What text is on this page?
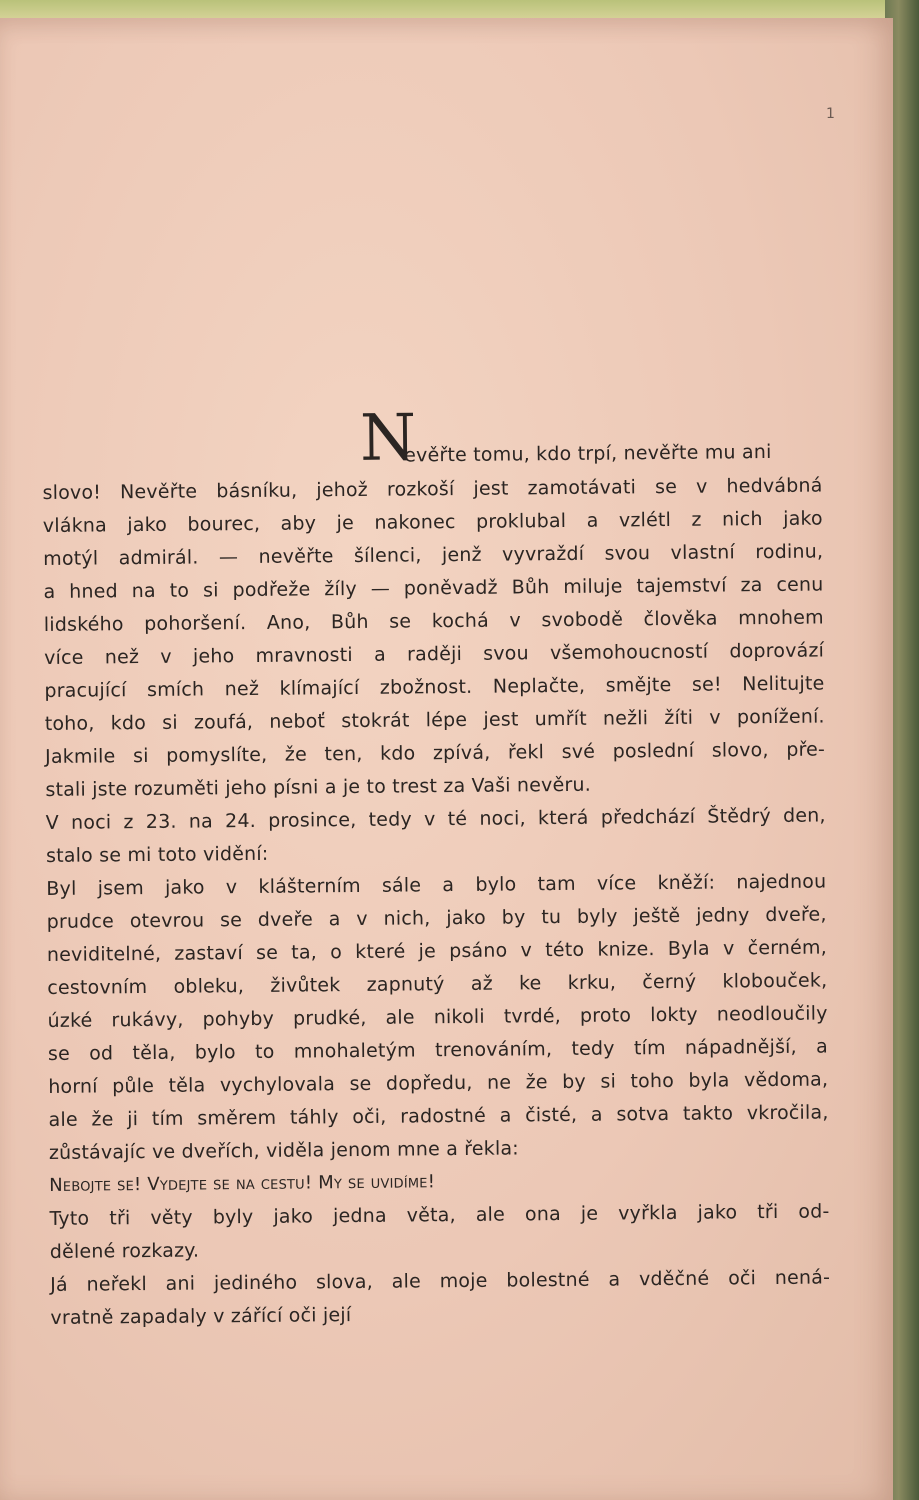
1
N
evěřte tomu, kdo trpí, nevěřte mu ani
slovo! Nevěřte básníku, jehož rozkoší jest zamotávati se v hedvábná
vlákna jako bourec, aby je nakonec proklubal a vzlétl z nich jako
motýl admirál. — nevěřte šílenci, jenž vyvraždí svou vlastní rodinu,
a hned na to si podřeže žíly — poněvadž Bůh miluje tajemství za cenu
lidského pohoršení. Ano, Bůh se kochá v svobodě člověka mnohem
více než v jeho mravnosti a raději svou všemohoucností doprovází
pracující smích než klímající zbožnost. Neplačte, smějte se! Nelitujte
toho, kdo si zoufá, neboť stokrát lépe jest umřít nežli žíti v ponížení.
Jakmile si pomyslíte, že ten, kdo zpívá, řekl své poslední slovo, pře-
stali jste rozuměti jeho písni a je to trest za Vaši nevěru.
V noci z 23. na 24. prosince, tedy v té noci, která předchází Štědrý den,
stalo se mi toto vidění:
Byl jsem jako v klášterním sále a bylo tam více kněží: najednou
prudce otevrou se dveře a v nich, jako by tu byly ještě jedny dveře,
neviditelné, zastaví se ta, o které je psáno v této knize. Byla v černém,
cestovním obleku, živůtek zapnutý až ke krku, černý klobouček,
úzké rukávy, pohyby prudké, ale nikoli tvrdé, proto lokty neodloučily
se od těla, bylo to mnohaletým trenováním, tedy tím nápadnější, a
horní půle těla vychylovala se dopředu, ne že by si toho byla vědoma,
ale že ji tím směrem táhly oči, radostné a čisté, a sotva takto vkročila,
zůstávajíc ve dveřích, viděla jenom mne a řekla:
Nebojte se! Vydejte se na cestu! My se uvidíme!
Tyto tři věty byly jako jedna věta, ale ona je vyřkla jako tři od-
dělené rozkazy.
Já neřekl ani jediného slova, ale moje bolestné a vděčné oči nená-
vratně zapadaly v zářící oči její
